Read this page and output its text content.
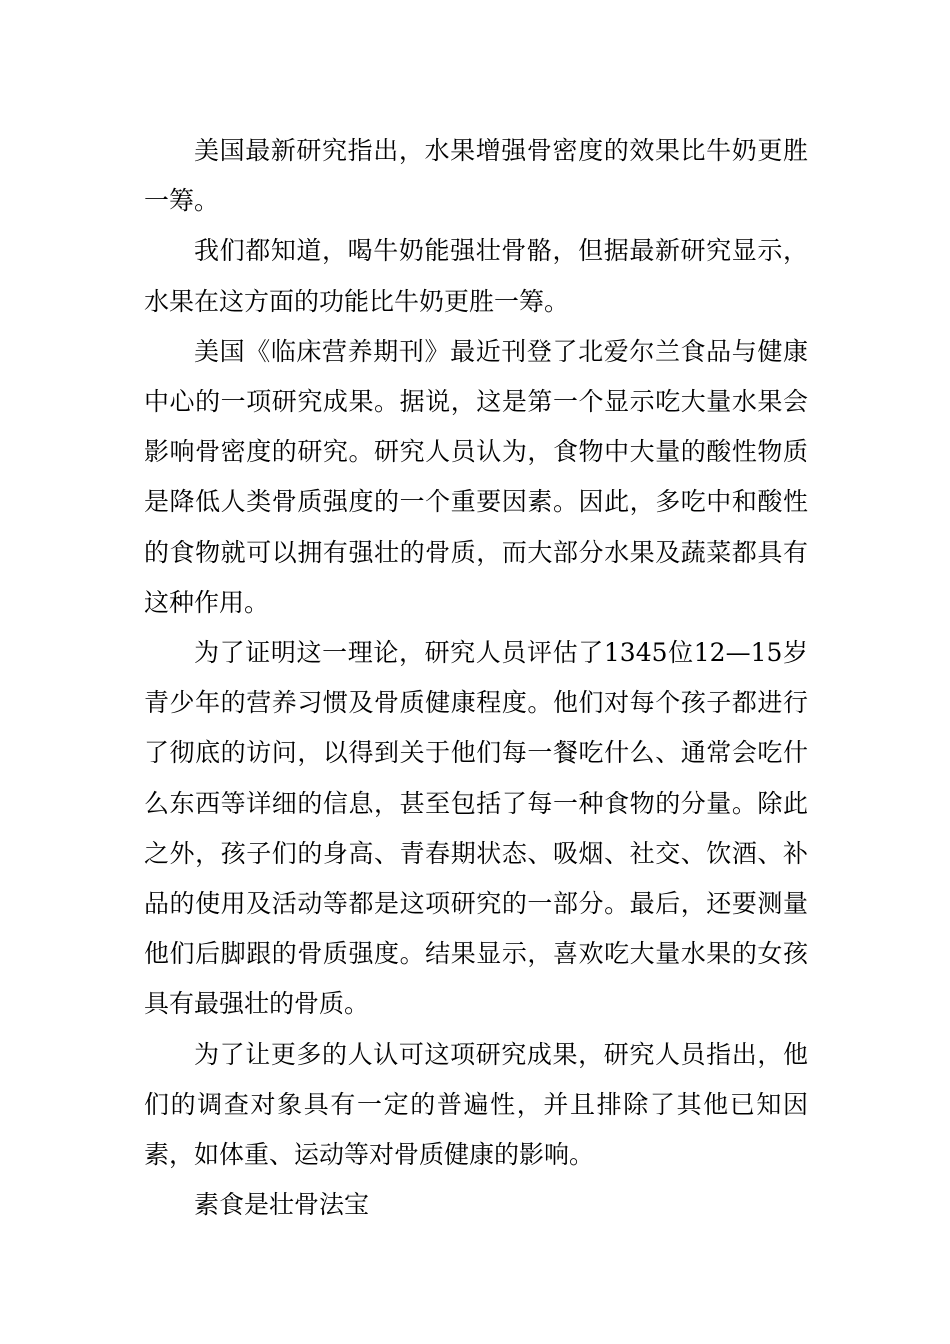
美国最新研究指出，水果增强骨密度的效果比牛奶更胜一筹。

我们都知道，喝牛奶能强壮骨骼，但据最新研究显示，水果在这方面的功能比牛奶更胜一筹。

美国《临床营养期刊》最近刊登了北爱尔兰食品与健康中心的一项研究成果。据说，这是第一个显示吃大量水果会影响骨密度的研究。研究人员认为，食物中大量的酸性物质是降低人类骨质强度的一个重要因素。因此，多吃中和酸性的食物就可以拥有强壮的骨质，而大部分水果及蔬菜都具有这种作用。

为了证明这一理论，研究人员评估了1345位12—15岁青少年的营养习惯及骨质健康程度。他们对每个孩子都进行了彻底的访问，以得到关于他们每一餐吃什么、通常会吃什么东西等详细的信息，甚至包括了每一种食物的分量。除此之外，孩子们的身高、青春期状态、吸烟、社交、饮酒、补品的使用及活动等都是这项研究的一部分。最后，还要测量他们后脚跟的骨质强度。结果显示，喜欢吃大量水果的女孩具有最强壮的骨质。

为了让更多的人认可这项研究成果，研究人员指出，他们的调查对象具有一定的普遍性，并且排除了其他已知因素，如体重、运动等对骨质健康的影响。

素食是壮骨法宝
